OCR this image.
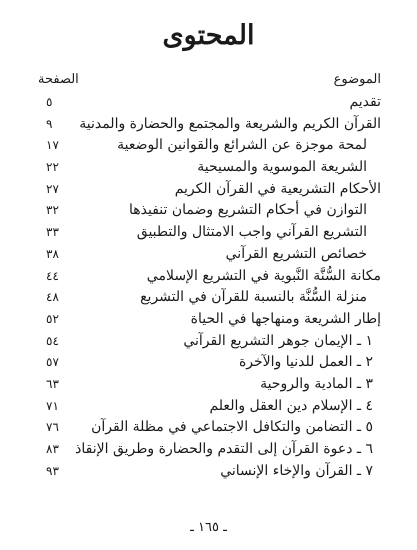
المحتوى
الموضوع
الصفحة
تقديم
٥
القرآن الكريم والشريعة والمجتمع والحضارة والمدنية
٩
لمحة موجزة عن الشرائع والقوانين الوضعية
١٧
الشريعة الموسوية والمسيحية
٢٢
الأحكام التشريعية في القرآن الكريم
٢٧
التوازن في أحكام التشريع وضمان تنفيذها
٣٢
التشريع القرآني واجب الامتثال والتطبيق
٣٣
خصائص التشريع القرآني
٣٨
مكانة السُّنَّة النَّبوية في التشريع الإسلامي
٤٤
منزلة السُّنَّة بالنسبة للقرآن في التشريع
٤٨
إطار الشريعة ومنهاجها في الحياة
٥٢
١ ـ الإيمان جوهر التشريع القرآني
٥٤
٢ ـ العمل للدنيا والآخرة
٥٧
٣ ـ المادية والروحية
٦٣
٤ ـ الإسلام دين العقل والعلم
٧١
٥ ـ التضامن والتكافل الاجتماعي في مظلة القرآن
٧٦
٦ ـ دعوة القرآن إلى التقدم والحضارة وطريق الإنقاذ
٨٣
٧ ـ القرآن والإخاء الإنساني
٩٣
ـ ١٦٥ ـ
